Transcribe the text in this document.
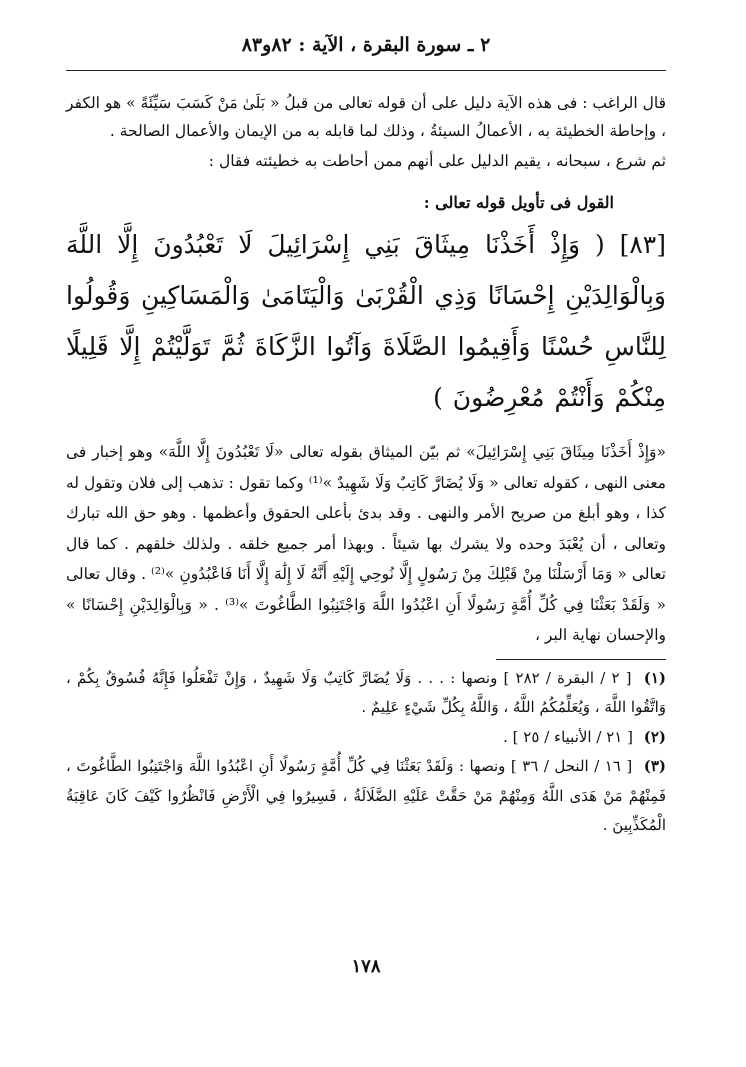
٢ ـ سورة البقرة ، الآية : ٨٢و٨٣

قال الراغب : فى هذه الآية دليل على أن قوله تعالى من قبلُ « بَلَىٰ مَنْ كَسَبَ سَيِّئَةً » هو الكفر ، وإحاطة الخطيئة به ، الأعمالُ السيئةُ ، وذلك لما قابله به من الإيمان والأعمال الصالحة .

ثم شرع ، سبحانه ، يقيم الدليل على أنهم ممن أحاطت به خطيئته فقال :

القول فى تأويل قوله تعالى :
[٨٣] ( وَإِذْ أَخَذْنَا مِيثَاقَ بَنِي إِسْرَائِيلَ لَا تَعْبُدُونَ إِلَّا اللَّهَ وَبِالْوَالِدَيْنِ إِحْسَانًا وَذِي الْقُرْبَىٰ وَالْيَتَامَىٰ وَالْمَسَاكِينِ وَقُولُوا لِلنَّاسِ حُسْنًا وَأَقِيمُوا الصَّلَاةَ وَآتُوا الزَّكَاةَ ثُمَّ تَوَلَّيْتُمْ إِلَّا قَلِيلًا مِنْكُمْ وَأَنْتُمْ مُعْرِضُونَ )
«وَإِذْ أَخَذْنَا مِيثَاقَ بَنِي إِسْرَائِيلَ» ثم بيّن الميثاق بقوله تعالى «لَا تَعْبُدُونَ إِلَّا اللَّهَ» وهو إخبار فى معنى النهى ، كقوله تعالى « وَلَا يُضَارَّ كَاتِبٌ وَلَا شَهِيدٌ »⁽¹⁾ وكما تقول : تذهب إلى فلان وتقول له كذا ، وهو أبلغ من صريح الأمر والنهى . وقد بدئ بأعلى الحقوق وأعظمها . وهو حق الله تبارك وتعالى ، أن يُعْبَدَ وحده ولا يشرك بها شيئاً . وبهذا أمر جميع خلقه . ولذلك خلقهم . كما قال تعالى « وَمَا أَرْسَلْنَا مِنْ قَبْلِكَ مِنْ رَسُولٍ إِلَّا نُوحِي إِلَيْهِ أَنَّهُ لَا إِلَٰهَ إِلَّا أَنَا فَاعْبُدُونِ »⁽²⁾ . وقال تعالى « وَلَقَدْ بَعَثْنَا فِي كُلِّ أُمَّةٍ رَسُولًا أَنِ اعْبُدُوا اللَّهَ وَاجْتَنِبُوا الطَّاغُوتَ »⁽³⁾ . « وَبِالْوَالِدَيْنِ إِحْسَانًا » والإحسان نهاية البر ،

(١) [ ٢ / البقرة / ٢٨٢ ] ونصها : . . . وَلَا يُضَارَّ كَاتِبٌ وَلَا شَهِيدٌ ، وَإِنْ تَفْعَلُوا فَإِنَّهُ فُسُوقٌ بِكُمْ ، وَاتَّقُوا اللَّهَ ، وَيُعَلِّمُكُمُ اللَّهُ ، وَاللَّهُ بِكُلِّ شَيْءٍ عَلِيمٌ .

(٢) [ ٢١ / الأنبياء / ٢٥ ] .

(٣) [ ١٦ / النحل / ٣٦ ] ونصها : وَلَقَدْ بَعَثْنَا فِي كُلِّ أُمَّةٍ رَسُولًا أَنِ اعْبُدُوا اللَّهَ وَاجْتَنِبُوا الطَّاغُوتَ ، فَمِنْهُمْ مَنْ هَدَى اللَّهُ وَمِنْهُمْ مَنْ حَقَّتْ عَلَيْهِ الضَّلَالَةُ ، فَسِيرُوا فِي الْأَرْضِ فَانْظُرُوا كَيْفَ كَانَ عَاقِبَةُ الْمُكَذِّبِينَ .

١٧٨
